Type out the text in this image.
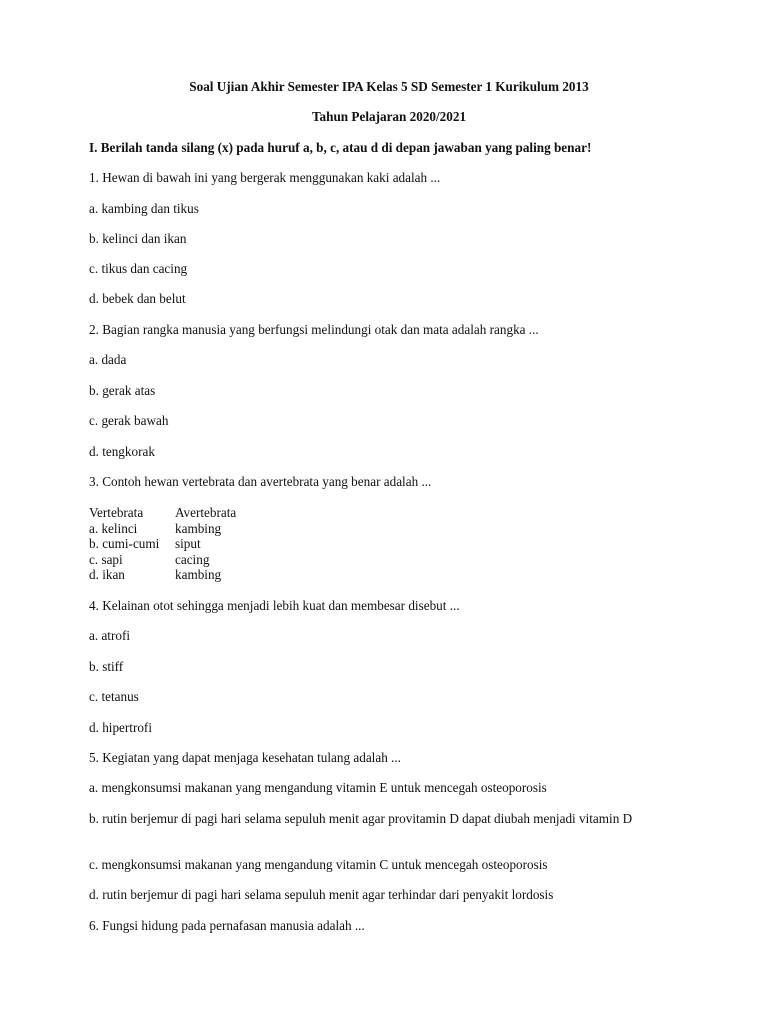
Soal Ujian Akhir Semester IPA Kelas 5 SD Semester 1 Kurikulum 2013
Tahun Pelajaran 2020/2021
I. Berilah tanda silang (x) pada huruf a, b, c, atau d di depan jawaban yang paling benar!
1. Hewan di bawah ini yang bergerak menggunakan kaki adalah ...
a. kambing dan tikus
b. kelinci dan ikan
c. tikus dan cacing
d. bebek dan belut
2. Bagian rangka manusia yang berfungsi melindungi otak dan mata adalah rangka ...
a. dada
b. gerak atas
c. gerak bawah
d. tengkorak
3. Contoh hewan vertebrata dan avertebrata yang benar adalah ...
Vertebrata Avertebrata
a. kelinci	kambing
b. cumi-cumi siput
c. sapi	cacing
d. ikan	kambing
4. Kelainan otot sehingga menjadi lebih kuat dan membesar disebut ...
a. atrofi
b. stiff
c. tetanus
d. hipertrofi
5. Kegiatan yang dapat menjaga kesehatan tulang adalah ...
a. mengkonsumsi makanan yang mengandung vitamin E untuk mencegah osteoporosis
b. rutin berjemur di pagi hari selama sepuluh menit agar provitamin D dapat diubah menjadi vitamin D
c. mengkonsumsi makanan yang mengandung vitamin C untuk mencegah osteoporosis
d. rutin berjemur di pagi hari selama sepuluh menit agar terhindar dari penyakit lordosis
6. Fungsi hidung pada pernafasan manusia adalah ...
